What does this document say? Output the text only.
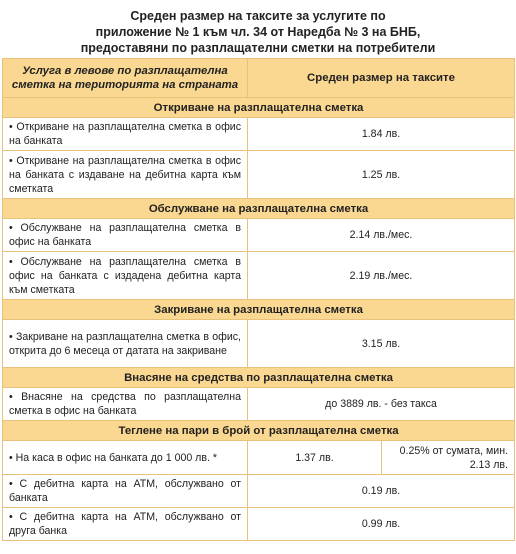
Среден размер на таксите за услугите по
приложение № 1 към чл. 34 от Наредба № 3 на БНБ,
предоставяни по разплащателни сметки на потребители
Услуга в левове по разплащателна сметка на територията на страната	Среден размер на таксите	
Откриване на разплащателна сметка		
• Откриване на разплащателна сметка в офис на банката	1.84 лв.	
• Откриване на разплащателна сметка в офис на банката с издаване на дебитна карта към сметката	1.25 лв.	
Обслужване на разплащателна сметка		
• Обслужване на разплащателна сметка в офис на банката	2.14 лв./мес.	
• Обслужване на разплащателна сметка в офис на банката с издадена дебитна карта към сметката	2.19 лв./мес.	
Закриване на разплащателна сметка		
• Закриване на разплащателна сметка в офис, открита до 6 месеца от датата на закриване	3.15 лв.	
Внасяне на средства по разплащателна сметка		
• Внасяне на средства по разплащателна сметка в офис на банката	до 3889 лв. - без такса	
Теглене на пари в брой от разплащателна сметка		
• На каса в офис на банката до 1 000 лв. *	1.37 лв.	0.25% от сумата, мин. 2.13 лв.
• С дебитна карта на АТМ, обслужвано от банката	0.19 лв.	
• С дебитна карта на АТМ, обслужвано от друга банка	0.99 лв.	
